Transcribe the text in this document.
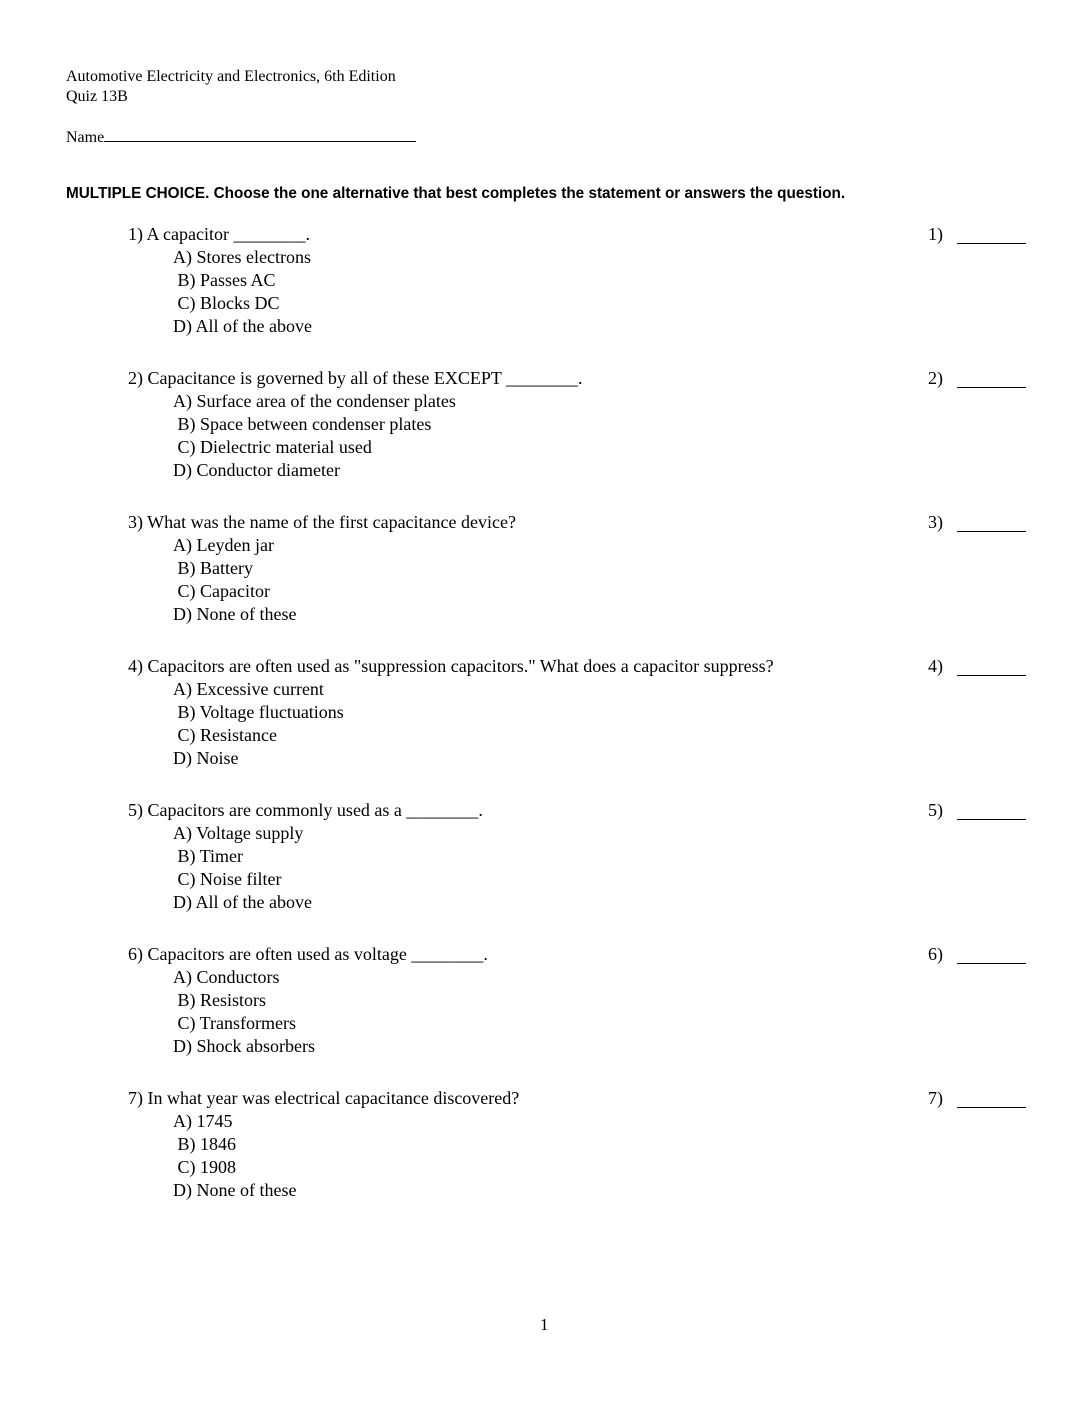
Automotive Electricity and Electronics, 6th Edition
Quiz 13B
Name
MULTIPLE CHOICE. Choose the one alternative that best completes the statement or answers the question.
1) A capacitor ________.
A) Stores electrons
B) Passes AC
C) Blocks DC
D) All of the above
1)
2) Capacitance is governed by all of these EXCEPT ________.
A) Surface area of the condenser plates
B) Space between condenser plates
C) Dielectric material used
D) Conductor diameter
2)
3) What was the name of the first capacitance device?
A) Leyden jar
B) Battery
C) Capacitor
D) None of these
3)
4) Capacitors are often used as "suppression capacitors." What does a capacitor suppress?
A) Excessive current
B) Voltage fluctuations
C) Resistance
D) Noise
4)
5) Capacitors are commonly used as a ________.
A) Voltage supply
B) Timer
C) Noise filter
D) All of the above
5)
6) Capacitors are often used as voltage ________.
A) Conductors
B) Resistors
C) Transformers
D) Shock absorbers
6)
7) In what year was electrical capacitance discovered?
A) 1745
B) 1846
C) 1908
D) None of these
7)
1
